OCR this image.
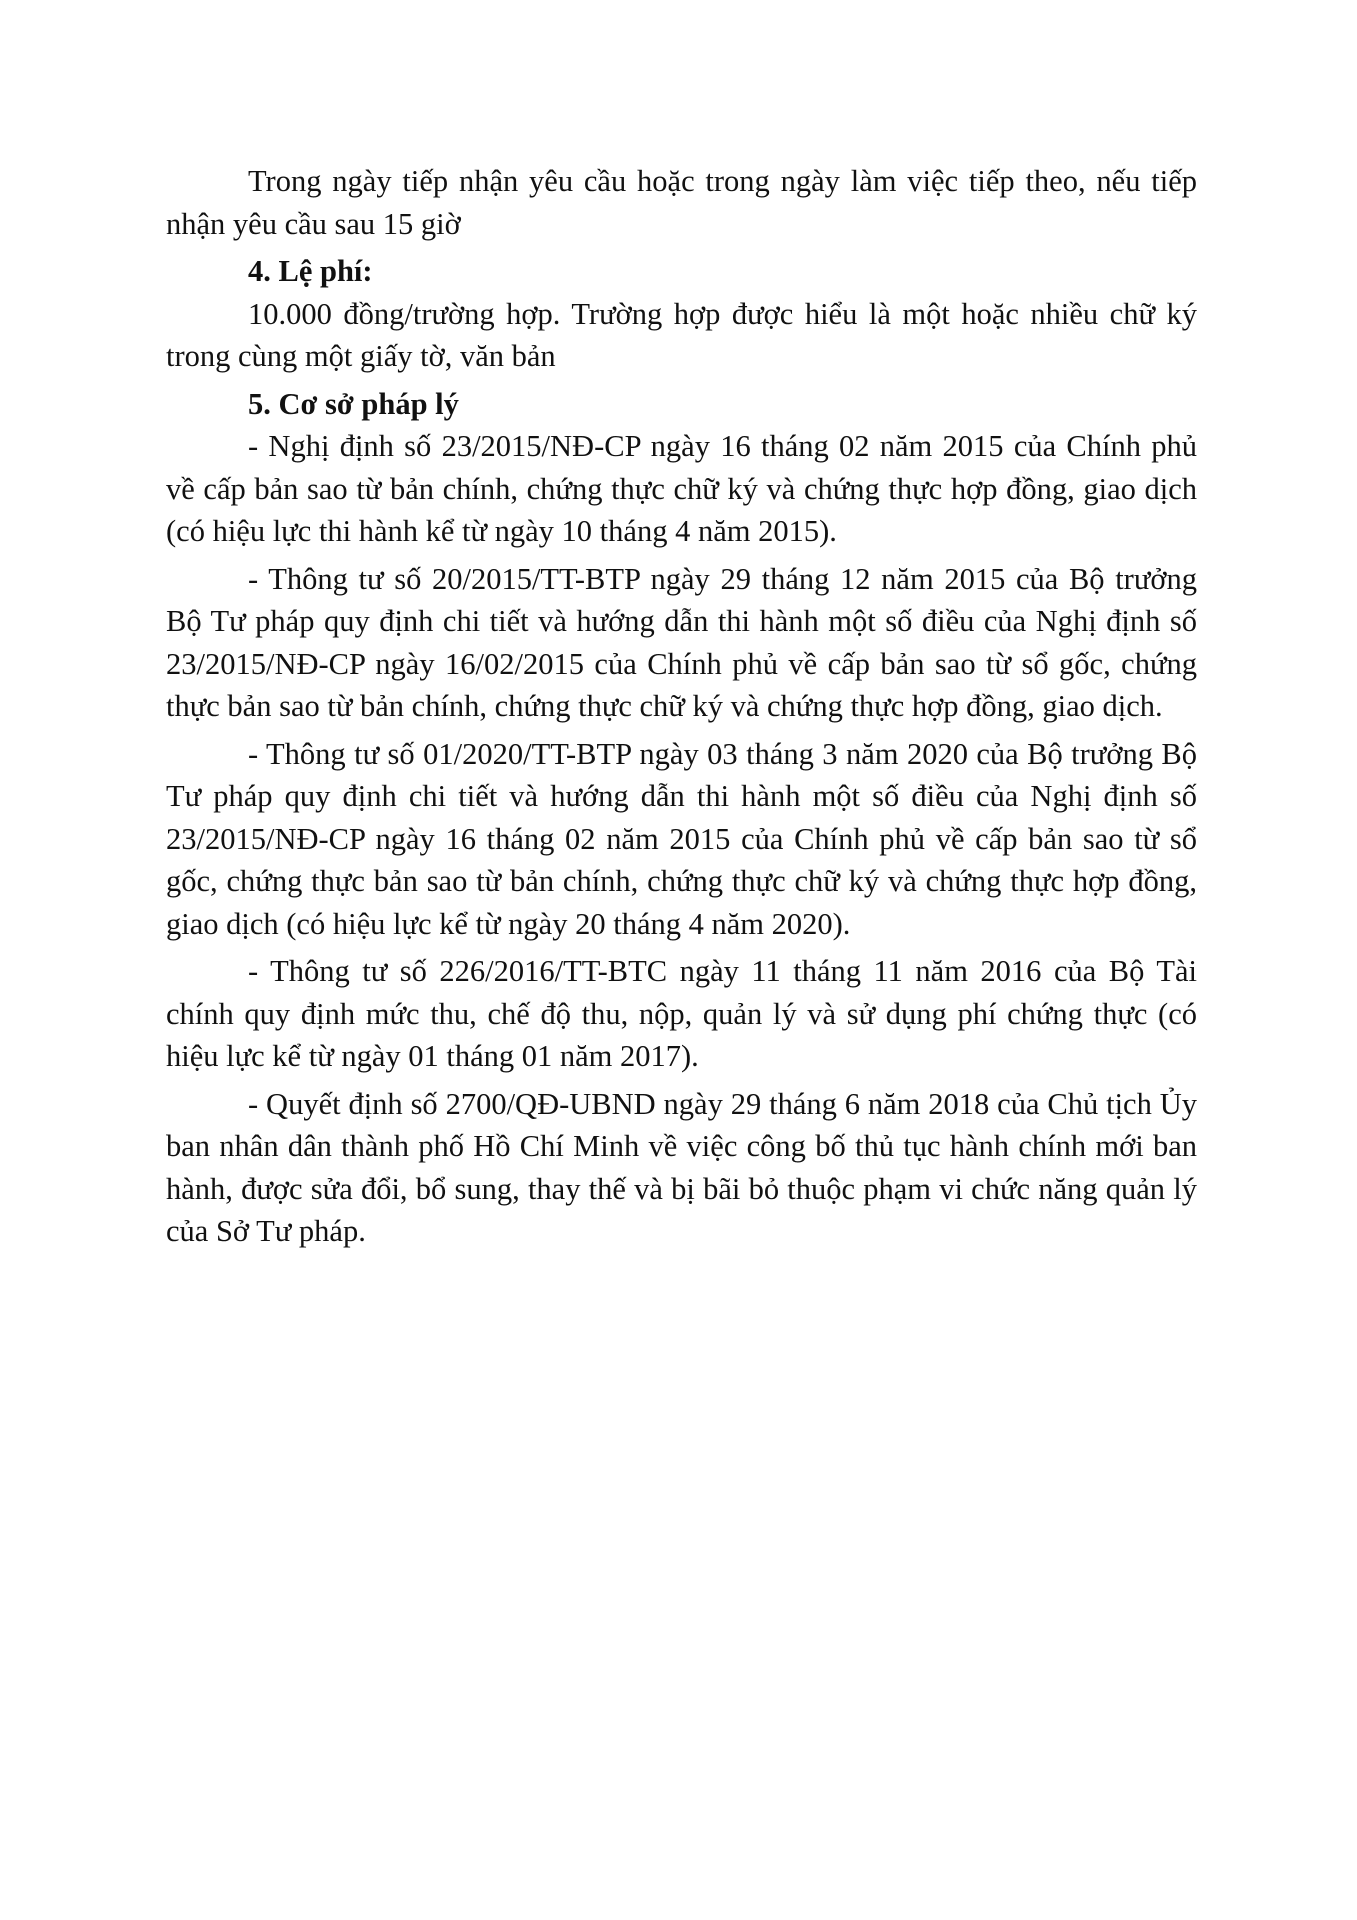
Trong ngày tiếp nhận yêu cầu hoặc trong ngày làm việc tiếp theo, nếu tiếp nhận yêu cầu sau 15 giờ

4. Lệ phí:

10.000 đồng/trường hợp. Trường hợp được hiểu là một hoặc nhiều chữ ký trong cùng một giấy tờ, văn bản

5. Cơ sở pháp lý

- Nghị định số 23/2015/NĐ-CP ngày 16 tháng 02 năm 2015 của Chính phủ về cấp bản sao từ bản chính, chứng thực chữ ký và chứng thực hợp đồng, giao dịch (có hiệu lực thi hành kể từ ngày 10 tháng 4 năm 2015).

- Thông tư số 20/2015/TT-BTP ngày 29 tháng 12 năm 2015 của Bộ trưởng Bộ Tư pháp quy định chi tiết và hướng dẫn thi hành một số điều của Nghị định số 23/2015/NĐ-CP ngày 16/02/2015 của Chính phủ về cấp bản sao từ sổ gốc, chứng thực bản sao từ bản chính, chứng thực chữ ký và chứng thực hợp đồng, giao dịch.

- Thông tư số 01/2020/TT-BTP ngày 03 tháng 3 năm 2020 của Bộ trưởng Bộ Tư pháp quy định chi tiết và hướng dẫn thi hành một số điều của Nghị định số 23/2015/NĐ-CP ngày 16 tháng 02 năm 2015 của Chính phủ về cấp bản sao từ sổ gốc, chứng thực bản sao từ bản chính, chứng thực chữ ký và chứng thực hợp đồng, giao dịch (có hiệu lực kể từ ngày 20 tháng 4 năm 2020).

- Thông tư số 226/2016/TT-BTC ngày 11 tháng 11 năm 2016 của Bộ Tài chính quy định mức thu, chế độ thu, nộp, quản lý và sử dụng phí chứng thực (có hiệu lực kể từ ngày 01 tháng 01 năm 2017).

- Quyết định số 2700/QĐ-UBND ngày 29 tháng 6 năm 2018 của Chủ tịch Ủy ban nhân dân thành phố Hồ Chí Minh về việc công bố thủ tục hành chính mới ban hành, được sửa đổi, bổ sung, thay thế và bị bãi bỏ thuộc phạm vi chức năng quản lý của Sở Tư pháp.
